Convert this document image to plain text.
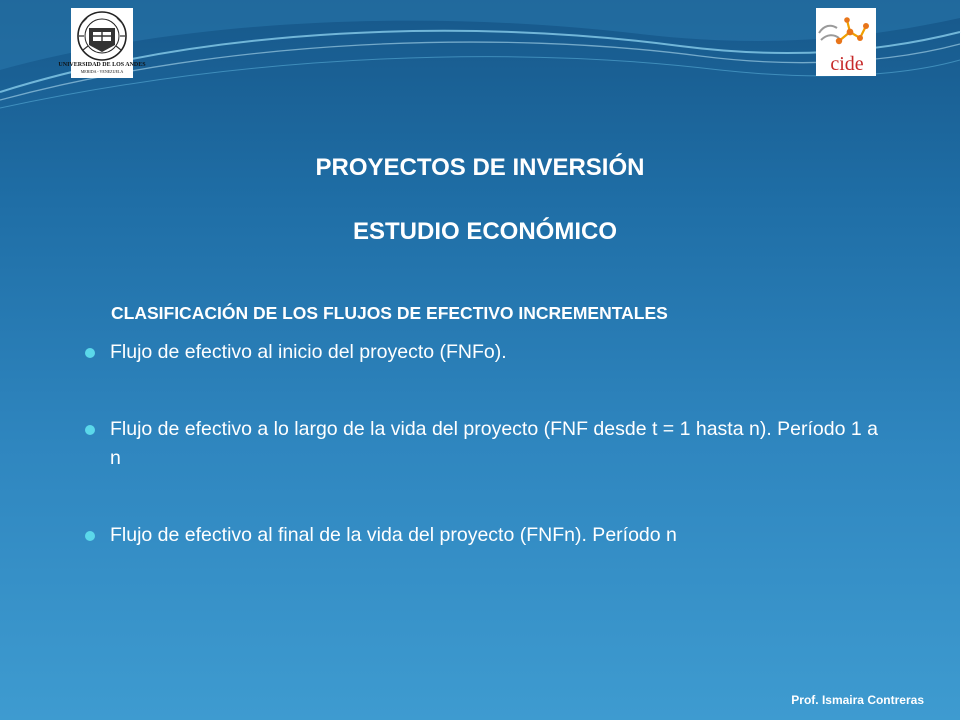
UNIVERSIDAD DE LOS ANDES
MERIDA - VENEZUELA	cide
PROYECTOS DE INVERSIÓN
ESTUDIO ECONÓMICO
CLASIFICACIÓN DE LOS FLUJOS DE EFECTIVO INCREMENTALES
Flujo de efectivo al inicio del proyecto (FNFo).
Flujo de efectivo a lo largo de la vida del proyecto (FNF desde t = 1 hasta n). Período 1 a n
Flujo de efectivo al final de la vida del proyecto (FNFn). Período n
Prof. Ismaira Contreras
